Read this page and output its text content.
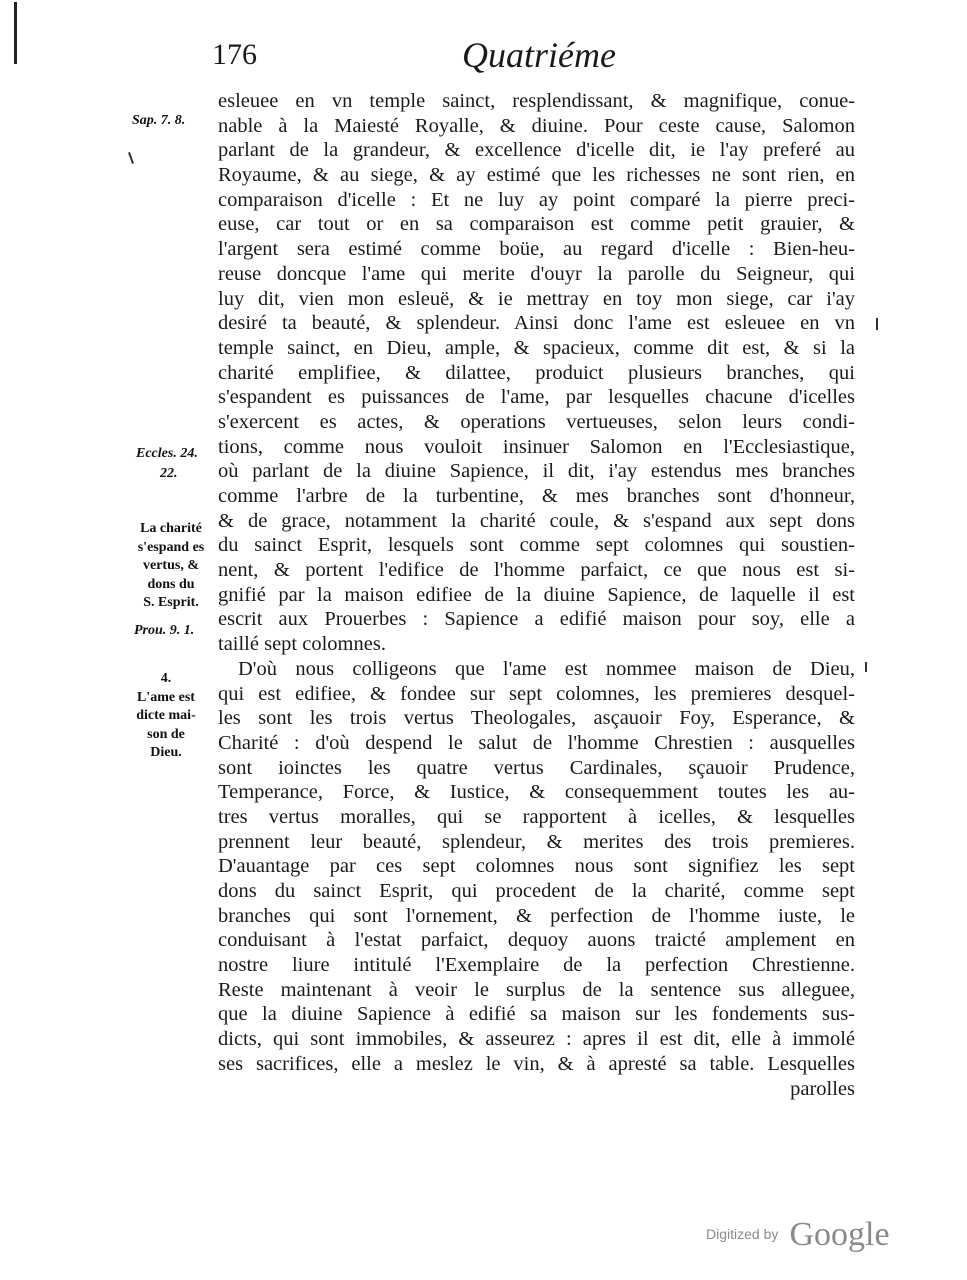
176	Quatriéme
Sap. 7. 8.
Eccles. 24.
22.
La charité
s'espand es
vertus, &
dons du
S. Esprit.
Prou. 9. 1.
4.
L'ame est
dicte mai-
son de
Dieu.
esleuee en vn temple sainct, resplendissant, & magnifique, conue-
nable à la Maiesté Royalle, & diuine. Pour ceste cause, Salomon
parlant de la grandeur, & excellence d'icelle dit, ie l'ay preferé au
Royaume, & au siege, & ay estimé que les richesses ne sont rien, en
comparaison d'icelle : Et ne luy ay point comparé la pierre preci-
euse, car tout or en sa comparaison est comme petit grauier, &
l'argent sera estimé comme boüe, au regard d'icelle : Bien-heu-
reuse doncque l'ame qui merite d'ouyr la parolle du Seigneur, qui
luy dit, vien mon esleuë, & ie mettray en toy mon siege, car i'ay
desiré ta beauté, & splendeur. Ainsi donc l'ame est esleuee en vn
temple sainct, en Dieu, ample, & spacieux, comme dit est, & si la
charité emplifiee, & dilattee, produict plusieurs branches, qui
s'espandent es puissances de l'ame, par lesquelles chacune d'icelles
s'exercent es actes, & operations vertueuses, selon leurs condi-
tions, comme nous vouloit insinuer Salomon en l'Ecclesiastique,
où parlant de la diuine Sapience, il dit, i'ay estendus mes branches
comme l'arbre de la turbentine, & mes branches sont d'honneur,
& de grace, notamment la charité coule, & s'espand aux sept dons
du sainct Esprit, lesquels sont comme sept colomnes qui soustien-
nent, & portent l'edifice de l'homme parfaict, ce que nous est si-
gnifié par la maison edifiee de la diuine Sapience, de laquelle il est
escrit aux Prouerbes : Sapience a edifié maison pour soy, elle a
taillé sept colomnes.
D'où nous colligeons que l'ame est nommee maison de Dieu,
qui est edifiee, & fondee sur sept colomnes, les premieres desquel-
les sont les trois vertus Theologales, asçauoir Foy, Esperance, &
Charité : d'où despend le salut de l'homme Chrestien : ausquelles
sont ioinctes les quatre vertus Cardinales, sçauoir Prudence,
Temperance, Force, & Iustice, & consequemment toutes les au-
tres vertus moralles, qui se rapportent à icelles, & lesquelles
prennent leur beauté, splendeur, & merites des trois premieres.
D'auantage par ces sept colomnes nous sont signifiez les sept
dons du sainct Esprit, qui procedent de la charité, comme sept
branches qui sont l'ornement, & perfection de l'homme iuste, le
conduisant à l'estat parfaict, dequoy auons traicté amplement en
nostre liure intitulé l'Exemplaire de la perfection Chrestienne.
Reste maintenant à veoir le surplus de la sentence sus alleguee,
que la diuine Sapience à edifié sa maison sur les fondements sus-
dicts, qui sont immobiles, & asseurez : apres il est dit, elle à immolé
ses sacrifices, elle a meslez le vin, & à apresté sa table. Lesquelles
parolles
Digitized by Google
